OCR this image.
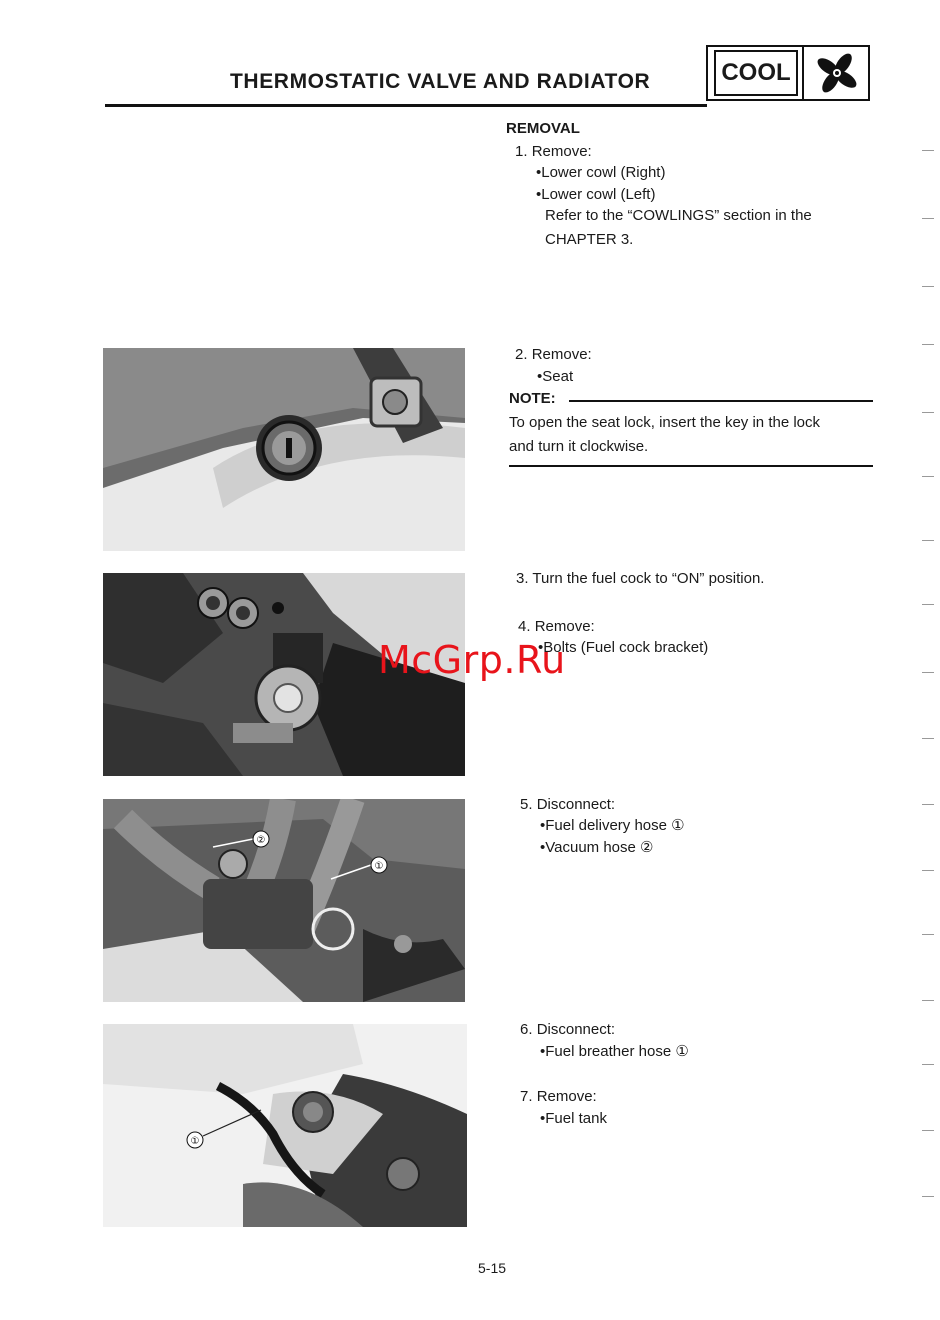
THERMOSTATIC VALVE AND RADIATOR	COOL
REMOVAL
1. Remove:
•Lower cowl (Right)
•Lower cowl (Left)
Refer to the “COWLINGS” section in the
CHAPTER 3.
2. Remove:
•Seat
NOTE:
To open the seat lock, insert the key in the lock
and turn it clockwise.
3. Turn the fuel cock to “ON” position.
4. Remove:
•Bolts (Fuel cock bracket)
②
①
5. Disconnect:
•Fuel delivery hose ①
•Vacuum hose ②
①
6. Disconnect:
•Fuel breather hose ①
7. Remove:
•Fuel tank
McGrp.Ru
5-15
